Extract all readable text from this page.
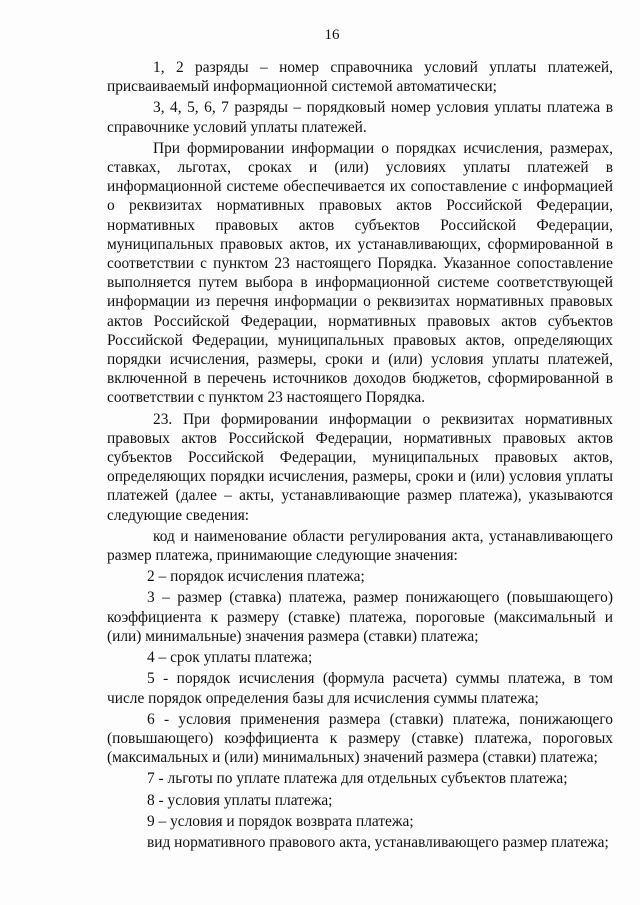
16

1, 2 разряды – номер справочника условий уплаты платежей, присваиваемый информационной системой автоматически;

3, 4, 5, 6, 7 разряды – порядковый номер условия уплаты платежа в справочнике условий уплаты платежей.

При формировании информации о порядках исчисления, размерах, ставках, льготах, сроках и (или) условиях уплаты платежей в информационной системе обеспечивается их сопоставление с информацией о реквизитах нормативных правовых актов Российской Федерации, нормативных правовых актов субъектов Российской Федерации, муниципальных правовых актов, их устанавливающих, сформированной в соответствии с пунктом 23 настоящего Порядка. Указанное сопоставление выполняется путем выбора в информационной системе соответствующей информации из перечня информации о реквизитах нормативных правовых актов Российской Федерации, нормативных правовых актов субъектов Российской Федерации, муниципальных правовых актов, определяющих порядки исчисления, размеры, сроки и (или) условия уплаты платежей, включенной в перечень источников доходов бюджетов, сформированной в соответствии с пунктом 23 настоящего Порядка.

23. При формировании информации о реквизитах нормативных правовых актов Российской Федерации, нормативных правовых актов субъектов Российской Федерации, муниципальных правовых актов, определяющих порядки исчисления, размеры, сроки и (или) условия уплаты платежей (далее – акты, устанавливающие размер платежа), указываются следующие сведения:

код и наименование области регулирования акта, устанавливающего размер платежа, принимающие следующие значения:

2 – порядок исчисления платежа;

3 – размер (ставка) платежа, размер понижающего (повышающего) коэффициента к размеру (ставке) платежа, пороговые (максимальный и (или) минимальные) значения размера (ставки) платежа;

4 – срок уплаты платежа;

5 - порядок исчисления (формула расчета) суммы платежа, в том числе порядок определения базы для исчисления суммы платежа;

6 - условия применения размера (ставки) платежа, понижающего (повышающего) коэффициента к размеру (ставке) платежа, пороговых (максимальных и (или) минимальных) значений размера (ставки) платежа;

7 - льготы по уплате платежа для отдельных субъектов платежа;

8 - условия уплаты платежа;

9 – условия и порядок возврата платежа;

вид нормативного правового акта, устанавливающего размер платежа;
